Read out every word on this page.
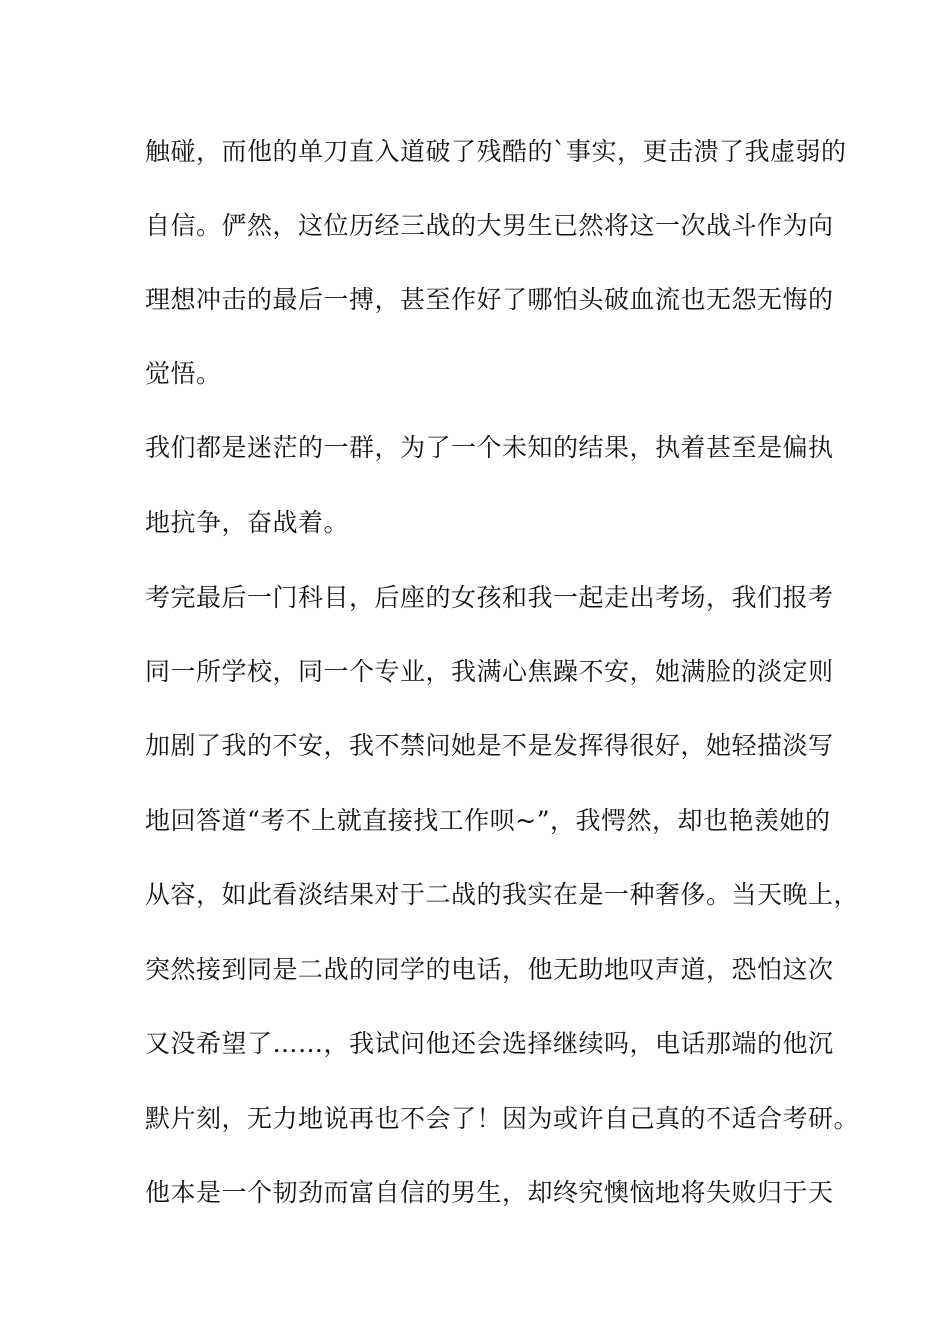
触碰，而他的单刀直入道破了残酷的`事实，更击溃了我虚弱的

自信。俨然，这位历经三战的大男生已然将这一次战斗作为向

理想冲击的最后一搏，甚至作好了哪怕头破血流也无怨无悔的

觉悟。

我们都是迷茫的一群，为了一个未知的结果，执着甚至是偏执

地抗争，奋战着。

考完最后一门科目，后座的女孩和我一起走出考场，我们报考

同一所学校，同一个专业，我满心焦躁不安，她满脸的淡定则

加剧了我的不安，我不禁问她是不是发挥得很好，她轻描淡写

地回答道“考不上就直接找工作呗~”，我愕然，却也艳羡她的

从容，如此看淡结果对于二战的我实在是一种奢侈。当天晚上，

突然接到同是二战的同学的电话，他无助地叹声道，恐怕这次

又没希望了……，我试问他还会选择继续吗，电话那端的他沉

默片刻，无力地说再也不会了！因为或许自己真的不适合考研。

他本是一个韧劲而富自信的男生，却终究懊恼地将失败归于天
